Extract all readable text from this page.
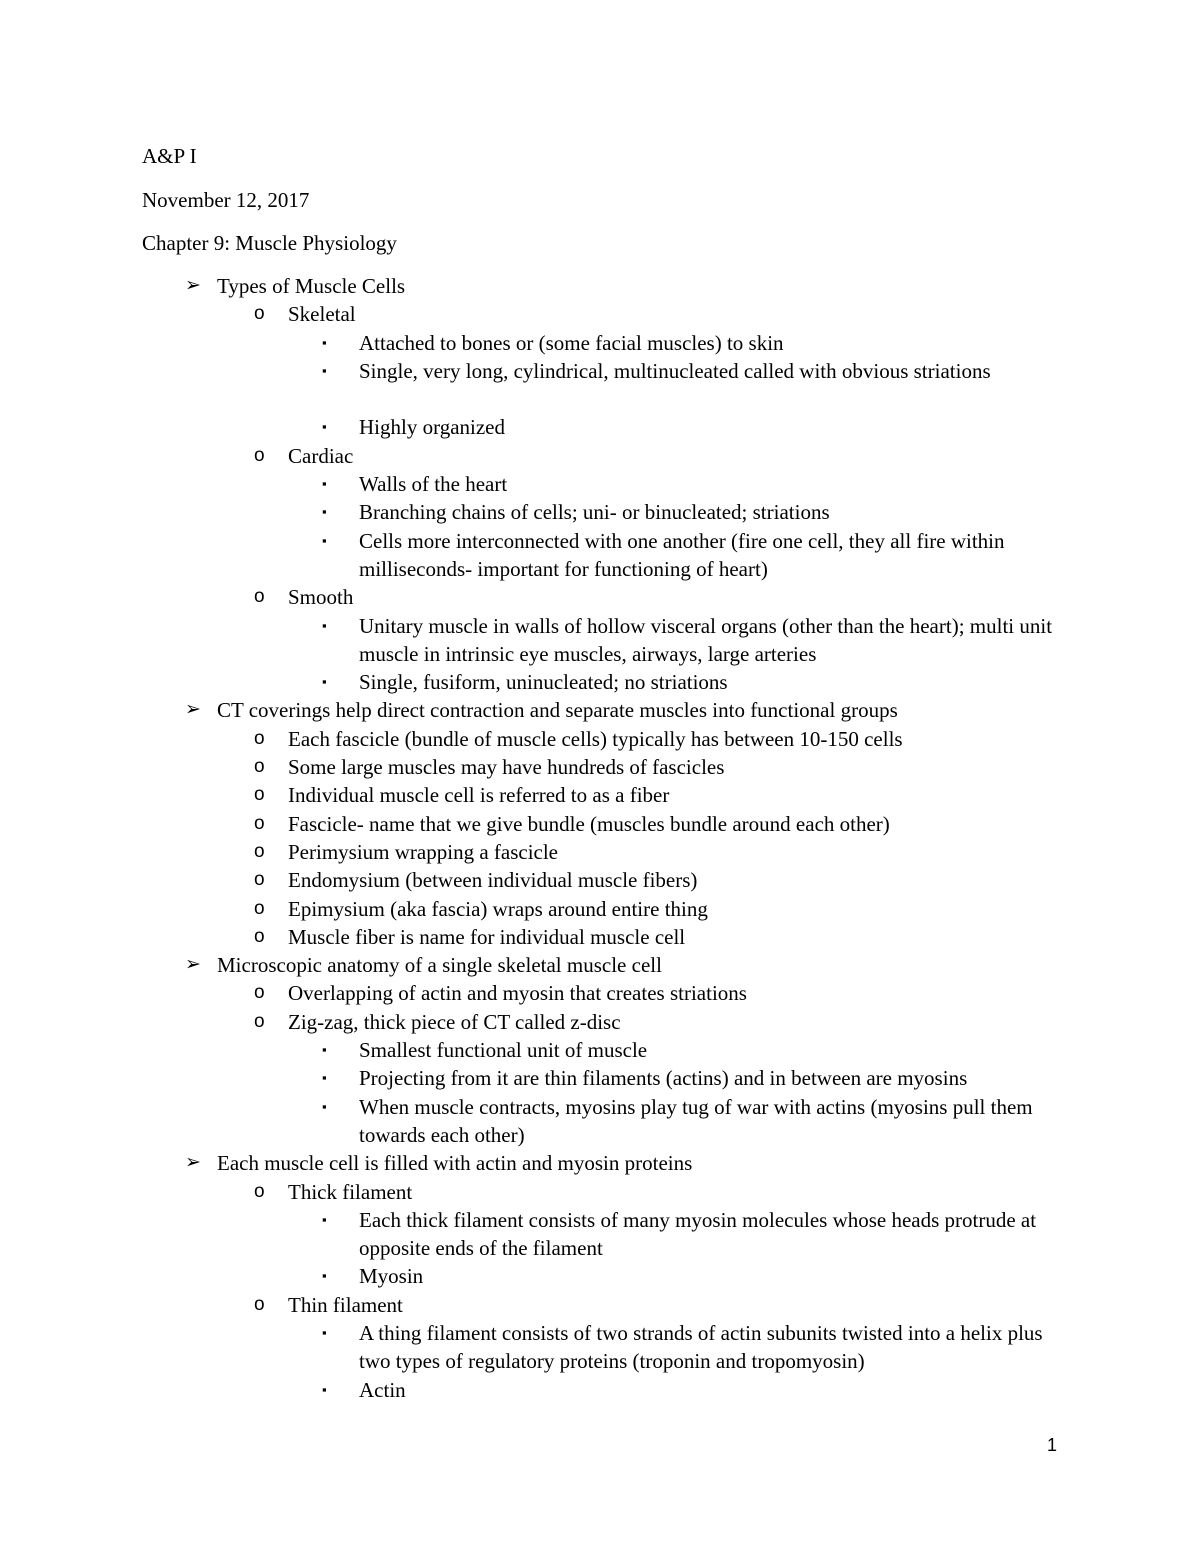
A&P I
November 12, 2017
Chapter 9: Muscle Physiology
➢ Types of Muscle Cells
o Skeletal
▪ Attached to bones or (some facial muscles) to skin
▪ Single, very long, cylindrical, multinucleated called with obvious striations
▪ Highly organized
o Cardiac
▪ Walls of the heart
▪ Branching chains of cells; uni- or binucleated; striations
▪ Cells more interconnected with one another (fire one cell, they all fire within milliseconds- important for functioning of heart)
o Smooth
▪ Unitary muscle in walls of hollow visceral organs (other than the heart); multi unit muscle in intrinsic eye muscles, airways, large arteries
▪ Single, fusiform, uninucleated; no striations
➢ CT coverings help direct contraction and separate muscles into functional groups
o Each fascicle (bundle of muscle cells) typically has between 10-150 cells
o Some large muscles may have hundreds of fascicles
o Individual muscle cell is referred to as a fiber
o Fascicle- name that we give bundle (muscles bundle around each other)
o Perimysium wrapping a fascicle
o Endomysium (between individual muscle fibers)
o Epimysium (aka fascia) wraps around entire thing
o Muscle fiber is name for individual muscle cell
➢ Microscopic anatomy of a single skeletal muscle cell
o Overlapping of actin and myosin that creates striations
o Zig-zag, thick piece of CT called z-disc
▪ Smallest functional unit of muscle
▪ Projecting from it are thin filaments (actins) and in between are myosins
▪ When muscle contracts, myosins play tug of war with actins (myosins pull them towards each other)
➢ Each muscle cell is filled with actin and myosin proteins
o Thick filament
▪ Each thick filament consists of many myosin molecules whose heads protrude at opposite ends of the filament
▪ Myosin
o Thin filament
▪ A thing filament consists of two strands of actin subunits twisted into a helix plus two types of regulatory proteins (troponin and tropomyosin)
▪ Actin
1
